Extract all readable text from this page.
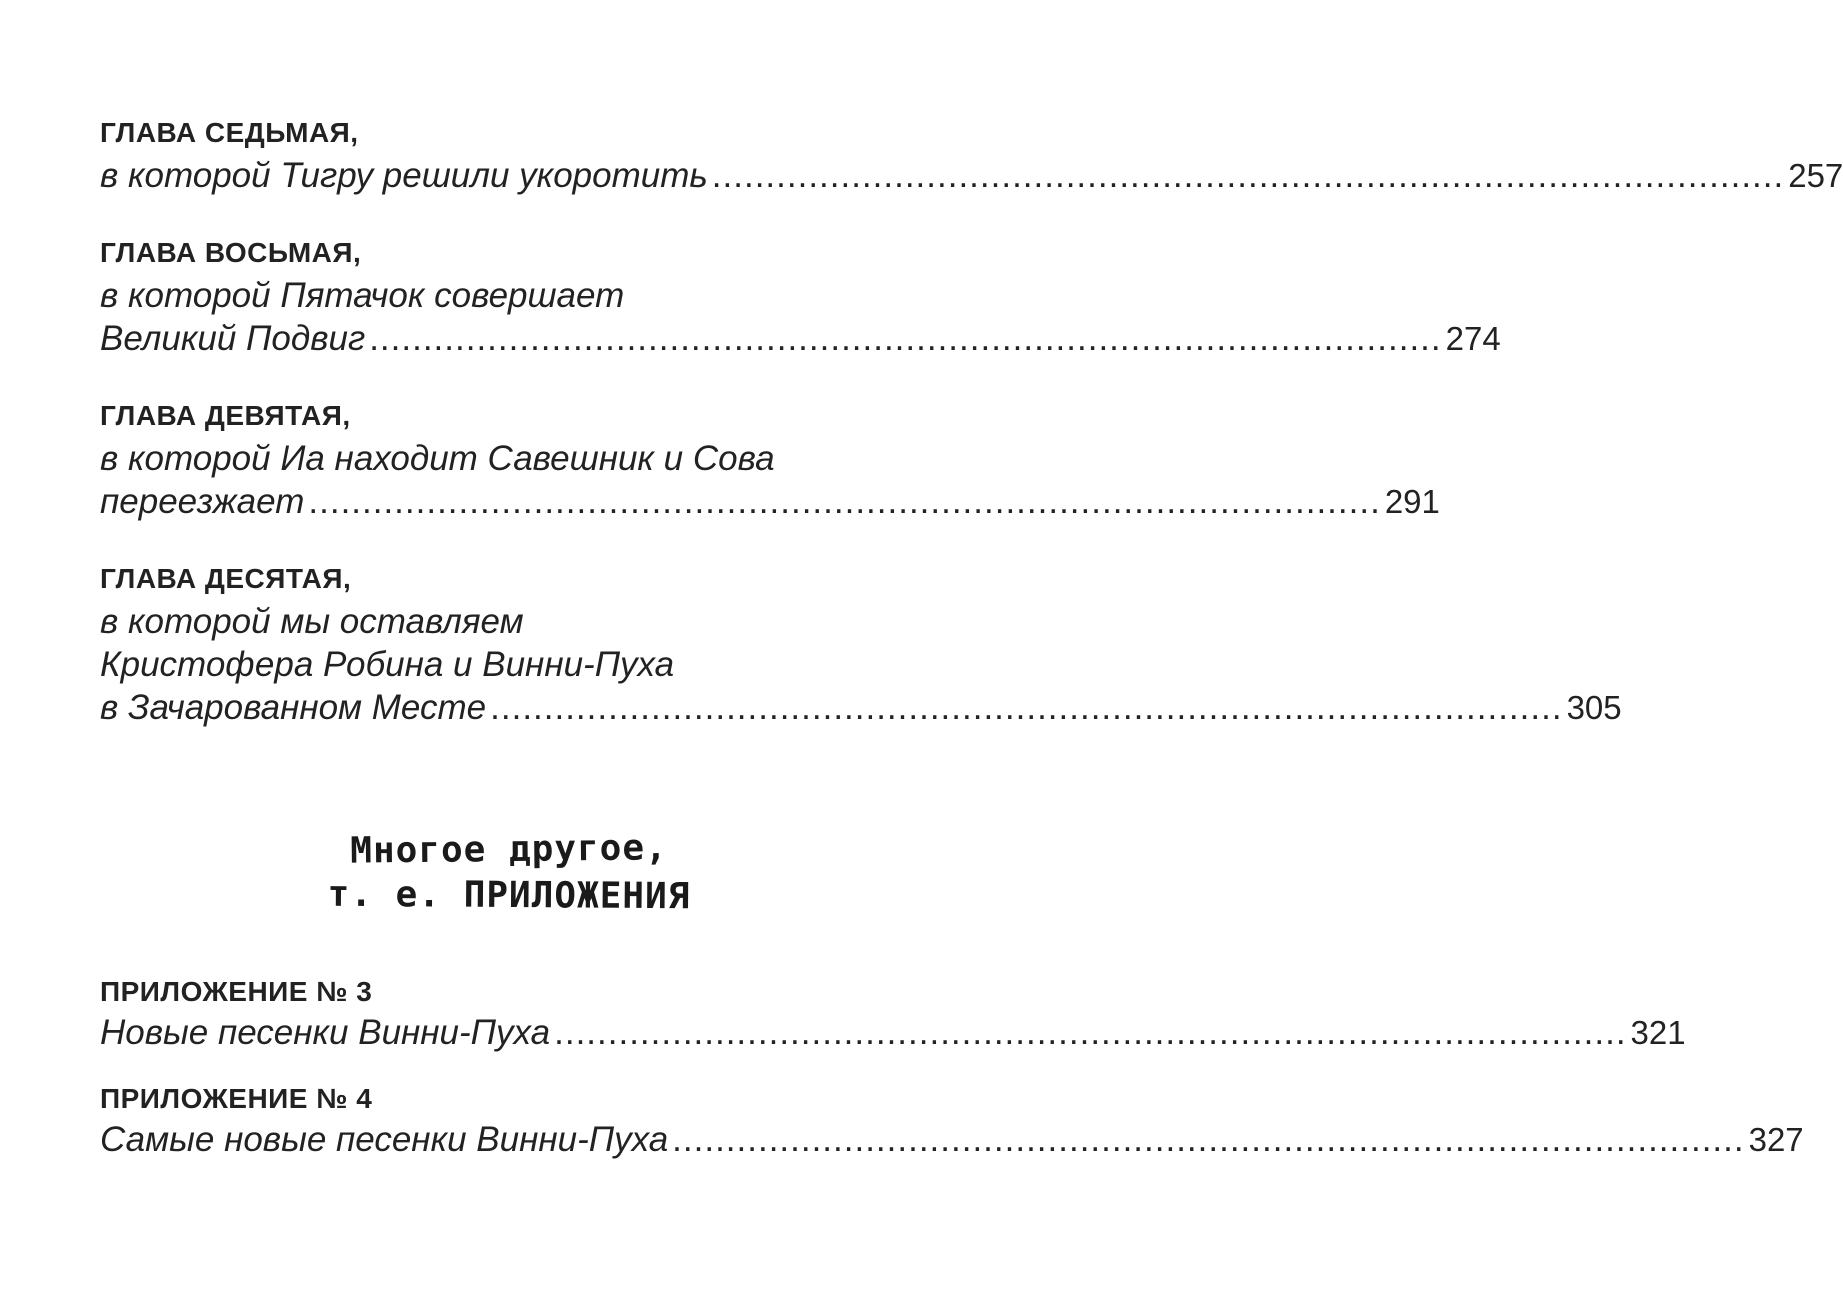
ГЛАВА СЕДЬМАЯ,
в которой Тигру решили укоротить .................................................................................................... 257
ГЛАВА ВОСЬМАЯ,
в которой Пятачок совершает
Великий Подвиг .................................................................................................... 274
ГЛАВА ДЕВЯТАЯ,
в которой Иа находит Савешник и Сова
переезжает .................................................................................................... 291
ГЛАВА ДЕСЯТАЯ,
в которой мы оставляем
Кристофера Робина и Винни-Пуха
в Зачарованном Месте .................................................................................................... 305
Многое другое,
т. е. ПРИЛОЖЕНИЯ
ПРИЛОЖЕНИЕ № 3
Новые песенки Винни-Пуха .................................................................................................... 321
ПРИЛОЖЕНИЕ № 4
Самые новые песенки Винни-Пуха .................................................................................................... 327
